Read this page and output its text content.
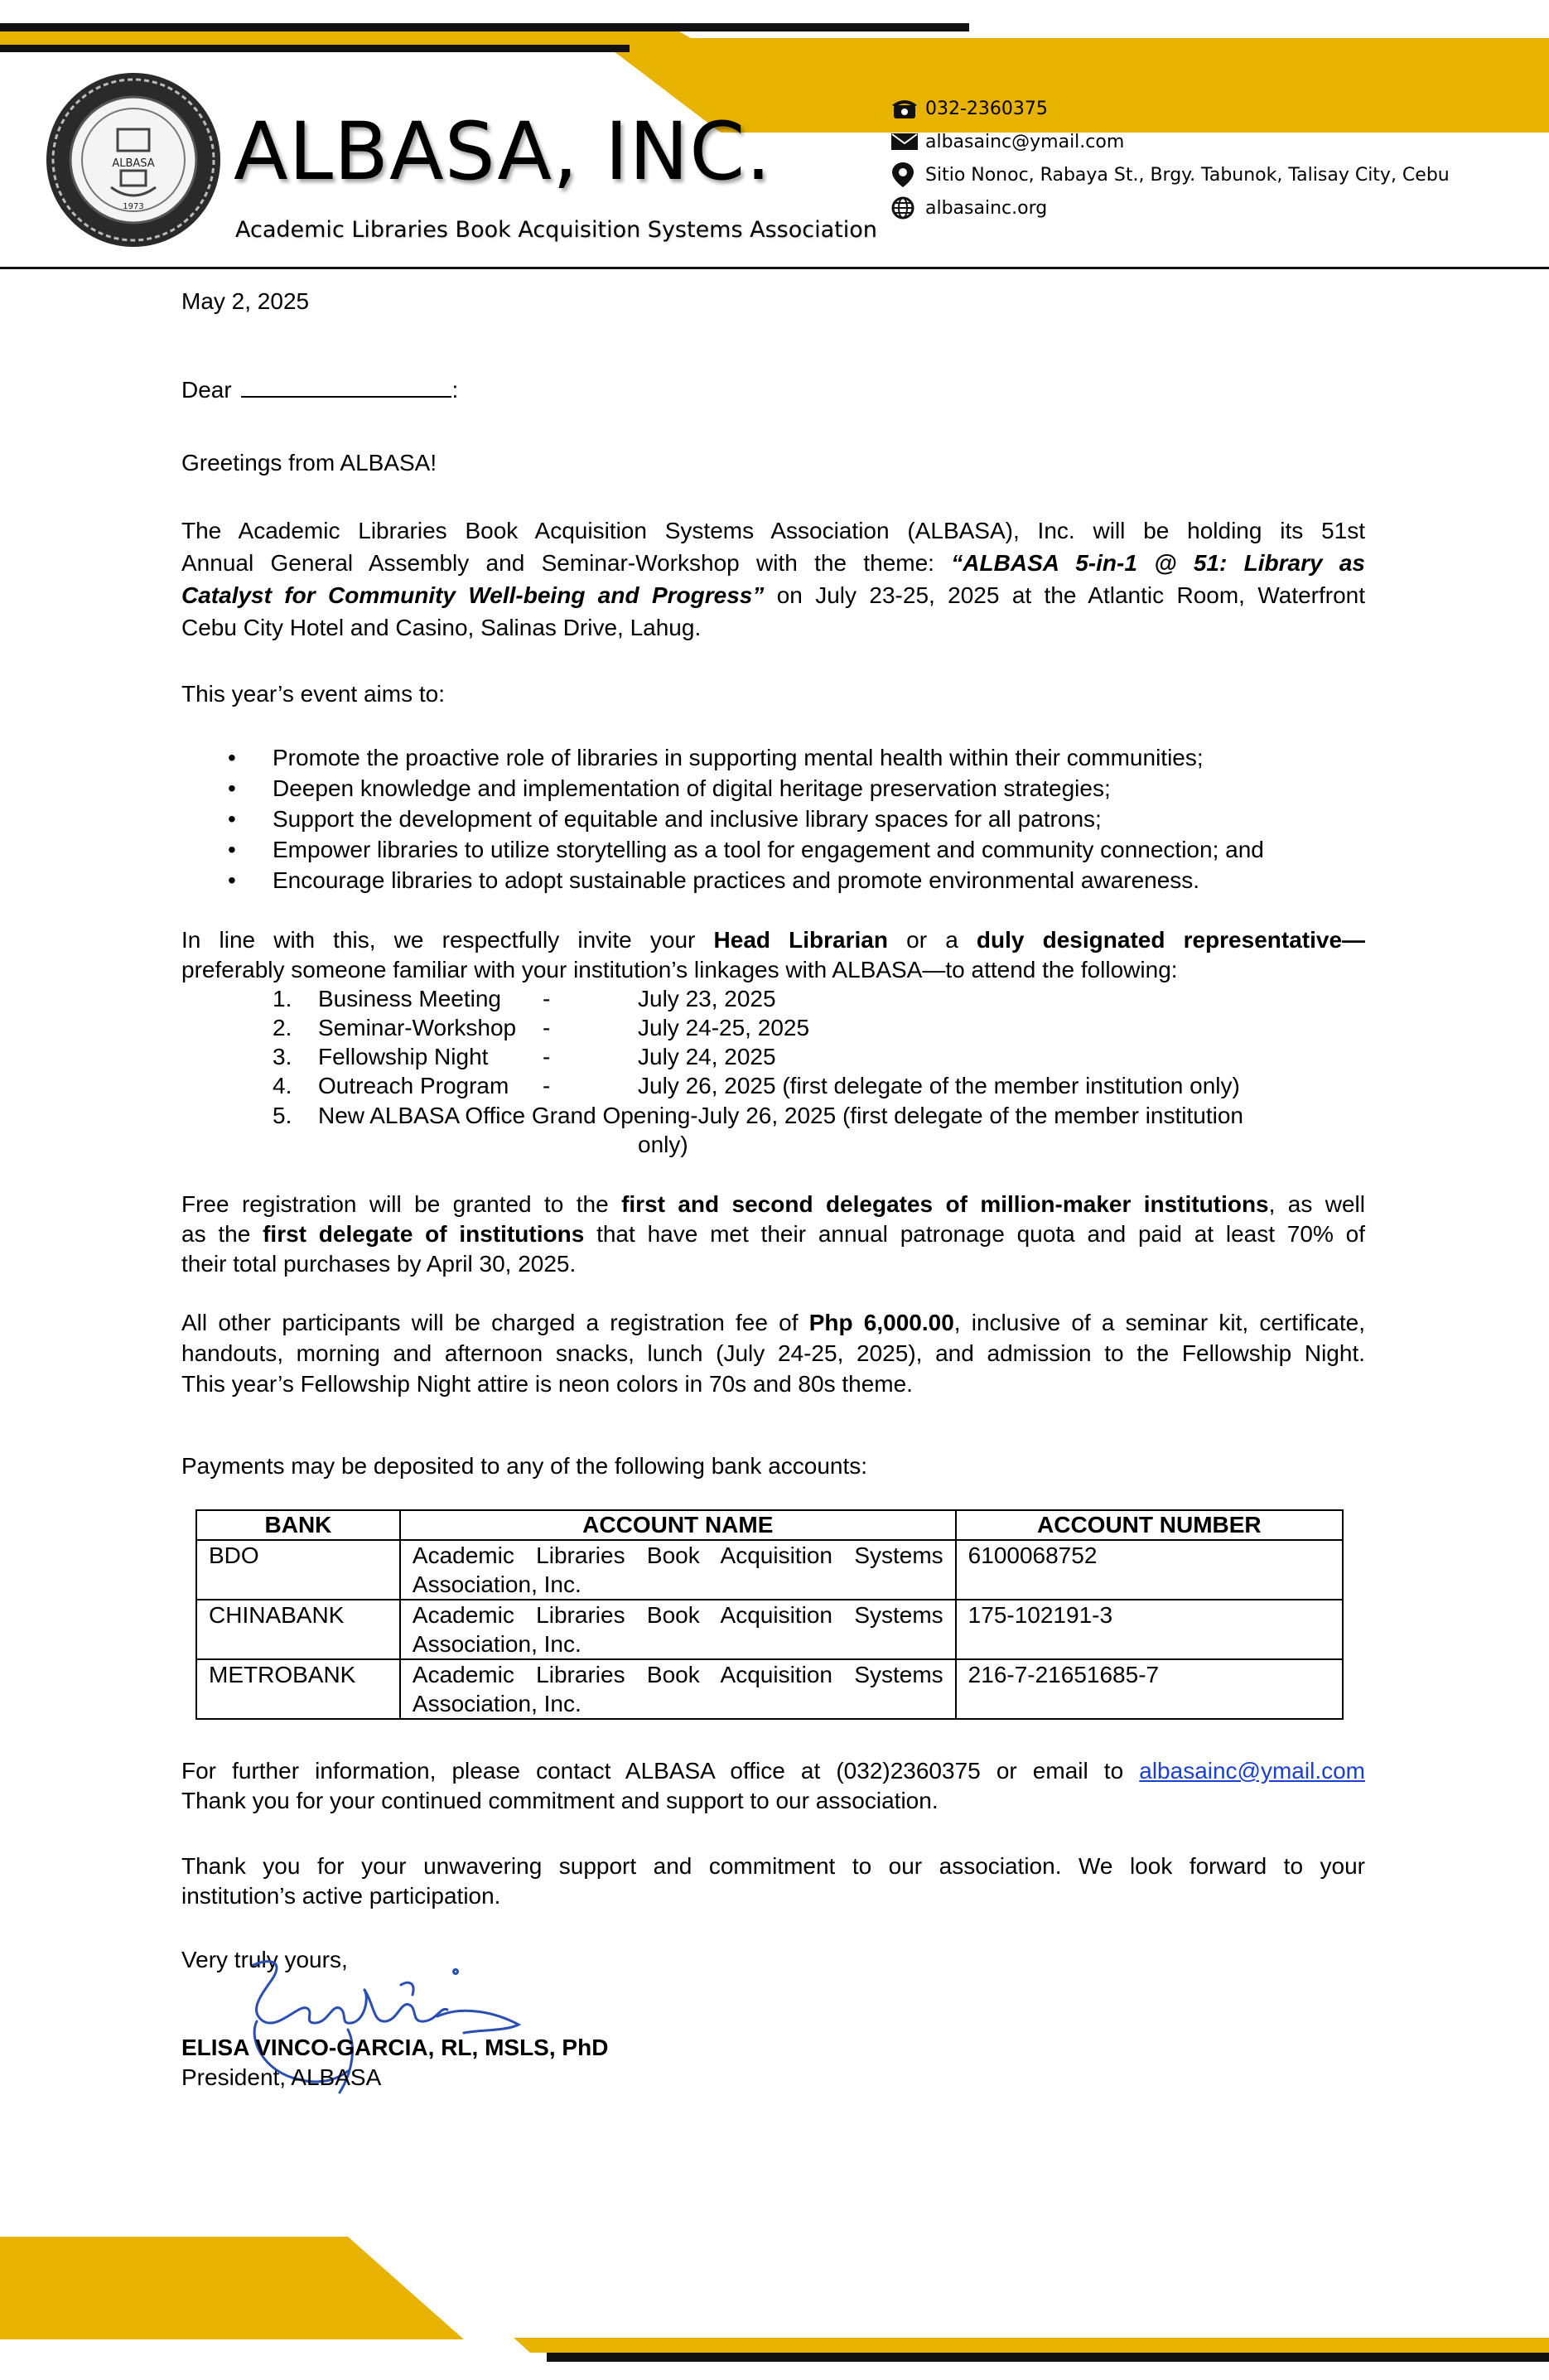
ALBASA
1973
ALBASA, INC.
Academic Libraries Book Acquisition Systems Association
032-2360375
albasainc@ymail.com
Sitio Nonoc, Rabaya St., Brgy. Tabunok, Talisay City, Cebu
albasainc.org
May 2, 2025
Dear	:
Greetings from ALBASA!
The Academic Libraries Book Acquisition Systems Association (ALBASA), Inc. will be holding its 51st
Annual General Assembly and Seminar-Workshop with the theme: “ALBASA 5-in-1 @ 51: Library as
Catalyst for Community Well-being and Progress” on July 23-25, 2025 at the Atlantic Room, Waterfront
Cebu City Hotel and Casino, Salinas Drive, Lahug.
This year’s event aims to:
• Promote the proactive role of libraries in supporting mental health within their communities;
• Deepen knowledge and implementation of digital heritage preservation strategies;
• Support the development of equitable and inclusive library spaces for all patrons;
• Empower libraries to utilize storytelling as a tool for engagement and community connection; and
• Encourage libraries to adopt sustainable practices and promote environmental awareness.
In line with this, we respectfully invite your Head Librarian or a duly designated representative—
preferably someone familiar with your institution’s linkages with ALBASA—to attend the following:
1. Business Meeting -	July 23, 2025
2. Seminar-Workshop -	July 24-25, 2025
3. Fellowship Night -	July 24, 2025
4. Outreach Program -	July 26, 2025 (first delegate of the member institution only)
5. New ALBASA Office Grand Opening-July 26, 2025 (first delegate of the member institution
only)
Free registration will be granted to the first and second delegates of million-maker institutions, as well
as the first delegate of institutions that have met their annual patronage quota and paid at least 70% of
their total purchases by April 30, 2025.
All other participants will be charged a registration fee of Php 6,000.00, inclusive of a seminar kit, certificate,
handouts, morning and afternoon snacks, lunch (July 24-25, 2025), and admission to the Fellowship Night.
This year’s Fellowship Night attire is neon colors in 70s and 80s theme.
Payments may be deposited to any of the following bank accounts:
BANK	ACCOUNT NAME	ACCOUNT NUMBER
BDO	Academic Libraries Book Acquisition Systems Association, Inc.	6100068752
CHINABANK	Academic Libraries Book Acquisition Systems Association, Inc.	175-102191-3
METROBANK	Academic Libraries Book Acquisition Systems Association, Inc.	216-7-21651685-7
For further information, please contact ALBASA office at (032)2360375 or email to albasainc@ymail.com
Thank you for your continued commitment and support to our association.
Thank you for your unwavering support and commitment to our association. We look forward to your
institution’s active participation.
Very truly yours,
ELISA VINCO-GARCIA, RL, MSLS, PhD
President, ALBASA
